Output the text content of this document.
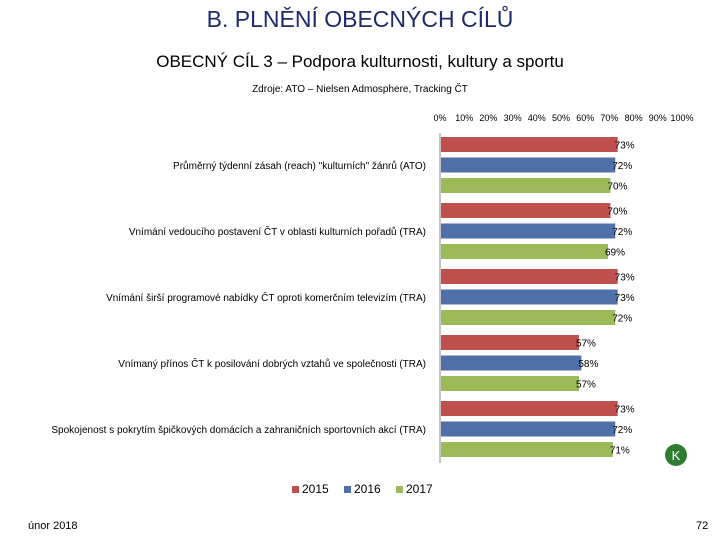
B. PLNĚNÍ OBECNÝCH CÍLŮ
OBECNÝ CÍL 3 – Podpora kulturnosti, kultury a sportu
Zdroje: ATO – Nielsen Admosphere, Tracking ČT
0% 10% 20% 30% 40% 50% 60% 70% 80% 90% 100%
Průměrný týdenní zásah (reach) "kulturních" žánrů (ATO)
73%
72%
70%
Vnímání vedoucího postavení ČT v oblasti kulturních pořadů (TRA)
70%
72%
69%
Vnímání širší programové nabídky ČT oproti komerčním televizím (TRA)
73%
73%
72%
Vnímaný přínos ČT k posilování dobrých vztahů ve společnosti (TRA)
57%
58%
57%
Spokojenost s pokrytím špičkových domácích a zahraničních sportovních akcí (TRA)
73%
72%
71%
2015 2016 2017
K
únor 2018	72
